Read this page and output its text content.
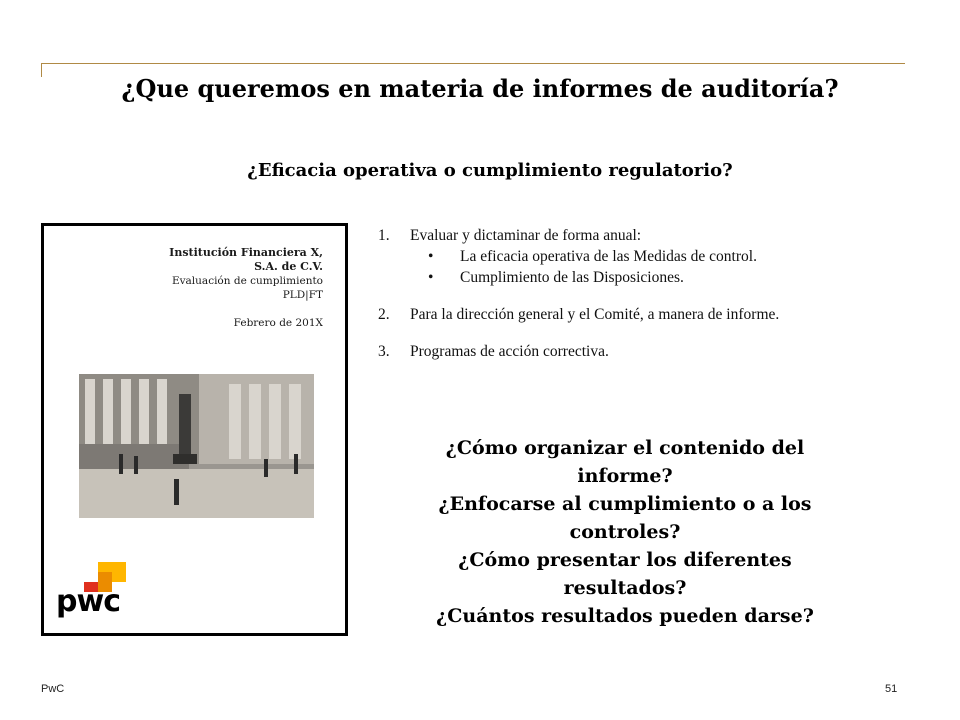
¿Que queremos en materia de informes de auditoría?
¿Eficacia operativa o cumplimiento regulatorio?
Institución Financiera X,
S.A. de C.V.
Evaluación de cumplimiento
PLD|FT
Febrero de 201X
pwc
1. Evaluar y dictaminar de forma anual:
• La eficacia operativa de las Medidas de control.
• Cumplimiento de las Disposiciones.
2. Para la dirección general y el Comité, a manera de informe.
3. Programas de acción correctiva.
¿Cómo organizar el contenido del
informe?
¿Enfocarse al cumplimiento o a los
controles?
¿Cómo presentar los diferentes
resultados?
¿Cuántos resultados pueden darse?
PwC	51
